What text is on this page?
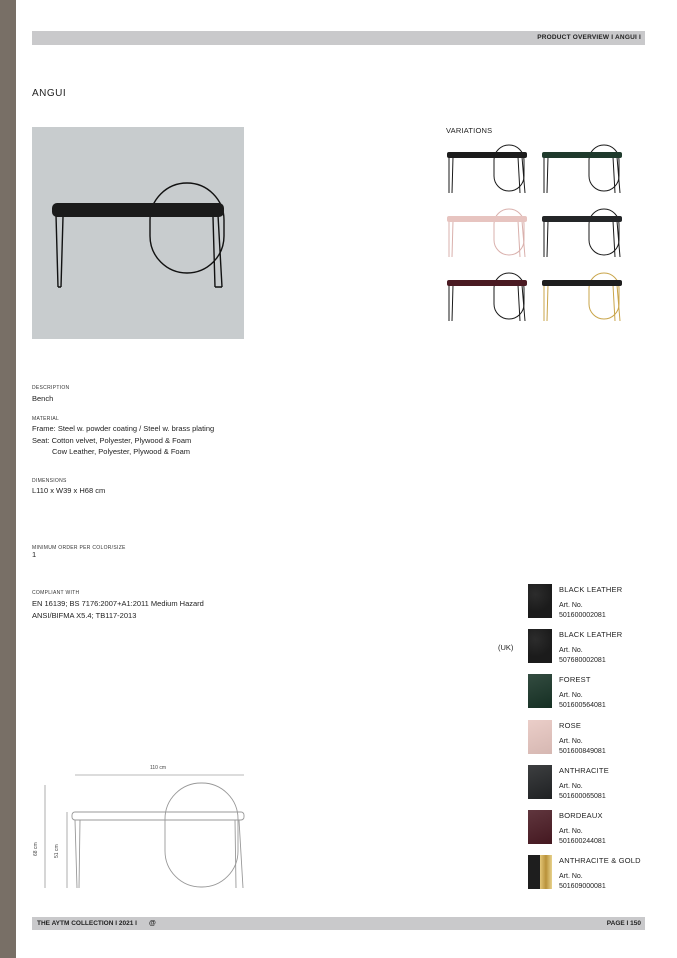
PRODUCT OVERVIEW I ANGUI I
ANGUI
VARIATIONS
DESCRIPTION
Bench
MATERIAL
Frame: Steel w. powder coating / Steel w. brass plating
Seat: Cotton velvet, Polyester, Plywood & Foam
Cow Leather, Polyester, Plywood & Foam
DIMENSIONS
L110 x W39 x H68 cm
MINIMUM ORDER PER COLOR/SIZE
1
COMPLIANT WITH
EN 16139; BS 7176:2007+A1:2011 Medium Hazard
ANSI/BIFMA X5.4; TB117-2013
(UK)
BLACK LEATHER
Art. No.
501600002081
BLACK LEATHER
Art. No.
507680002081
FOREST
Art. No.
501600564081
ROSE
Art. No.
501600849081
ANTHRACITE
Art. No.
501600065081
BORDEAUX
Art. No.
501600244081
ANTHRACITE & GOLD
Art. No.
501609000081
110 cm
68 cm	51 cm
THE AYTM COLLECTION I 2021 I @	PAGE I 150
